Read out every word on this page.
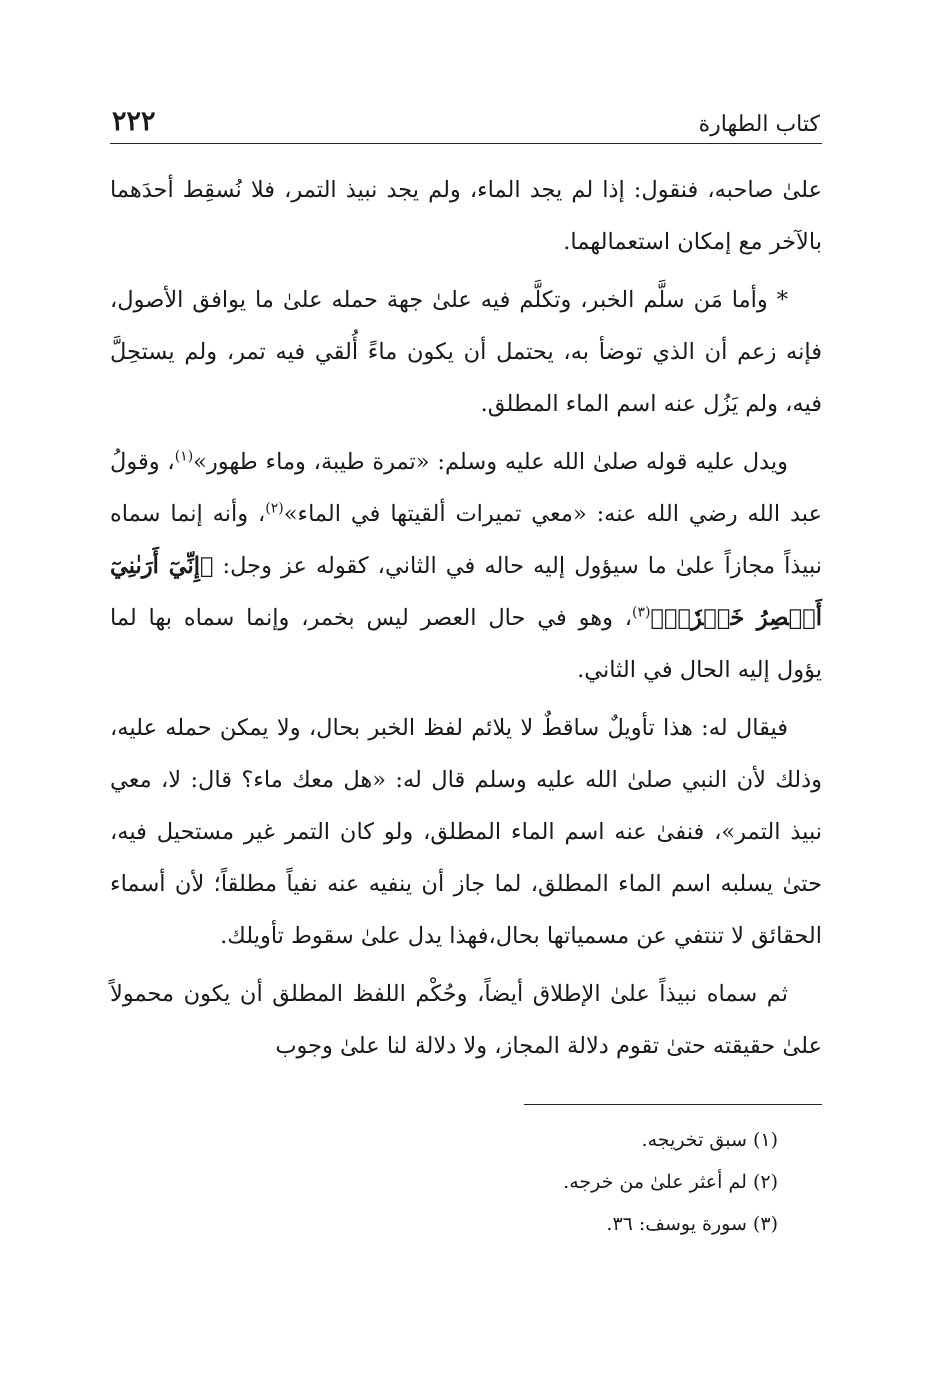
كتاب الطهارة
٢٢٢

علىٰ صاحبه، فنقول: إذا لم يجد الماء، ولم يجد نبيذ التمر، فلا نُسقِط أحدَهما بالآخر مع إمكان استعمالهما.

* وأما مَن سلَّم الخبر، وتكلَّم فيه علىٰ جهة حمله علىٰ ما يوافق الأصول، فإنه زعم أن الذي توضأ به، يحتمل أن يكون ماءً أُلقي فيه تمر، ولم يستحِلَّ فيه، ولم يَزُل عنه اسم الماء المطلق.

ويدل عليه قوله صلىٰ الله عليه وسلم: «تمرة طيبة، وماء طهور»$^{(١)}$، وقولُ عبد الله رضي الله عنه: «معي تميرات ألقيتها في الماء»$^{(٢)}$، وأنه إنما سماه نبيذاً مجازاً علىٰ ما سيؤول إليه حاله في الثاني، كقوله عز وجل: ﴿إِنِّيٓ أَرَىٰنِيٓ أَعۡصِرُ خَمۡرٗاۖ﴾$^{(٣)}$، وهو في حال العصر ليس بخمر، وإنما سماه بها لما يؤول إليه الحال في الثاني.

فيقال له: هذا تأويلٌ ساقطٌ لا يلائم لفظ الخبر بحال، ولا يمكن حمله عليه، وذلك لأن النبي صلىٰ الله عليه وسلم قال له: «هل معك ماء؟ قال: لا، معي نبيذ التمر»، فنفىٰ عنه اسم الماء المطلق، ولو كان التمر غير مستحيل فيه، حتىٰ يسلبه اسم الماء المطلق، لما جاز أن ينفيه عنه نفياً مطلقاً؛ لأن أسماء الحقائق لا تنتفي عن مسمياتها بحال،فهذا يدل علىٰ سقوط تأويلك.

ثم سماه نبيذاً علىٰ الإطلاق أيضاً، وحُكْم اللفظ المطلق أن يكون محمولاً علىٰ حقيقته حتىٰ تقوم دلالة المجاز، ولا دلالة لنا علىٰ وجوب

(١) سبق تخريجه.
(٢) لم أعثر علىٰ من خرجه.
(٣) سورة يوسف: ٣٦.
